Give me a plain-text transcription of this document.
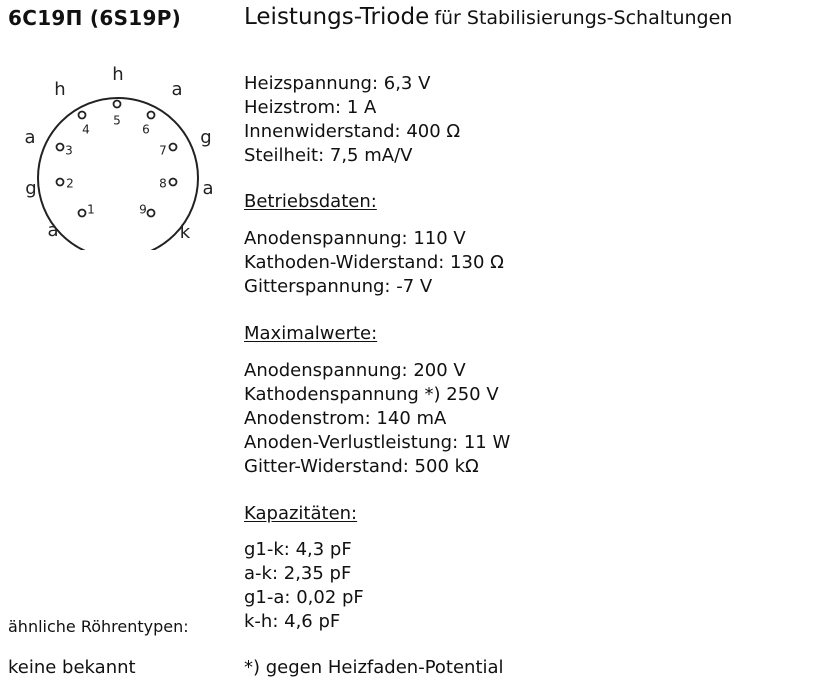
6C19П (6S19P)	Leistungs-Triode für Stabilisierungs-Schaltungen
1
a
2
g
3
a	4
h
5
h
6
a
7
g
8 a
9
k
Heizspannung: 6,3 V
Heizstrom: 1 A
Innenwiderstand: 400 Ω
Steilheit: 7,5 mA/V
Betriebsdaten:
Anodenspannung: 110 V
Kathoden-Widerstand: 130 Ω
Gitterspannung: -7 V
Maximalwerte:
Anodenspannung: 200 V
Kathodenspannung *) 250 V
Anodenstrom: 140 mA
Anoden-Verlustleistung: 11 W
Gitter-Widerstand: 500 kΩ
Kapazitäten:
g1-k: 4,3 pF
a-k: 2,35 pF
g1-a: 0,02 pF
k-h: 4,6 pF
*) gegen Heizfaden-Potential
ähnliche Röhrentypen:
keine bekannt
